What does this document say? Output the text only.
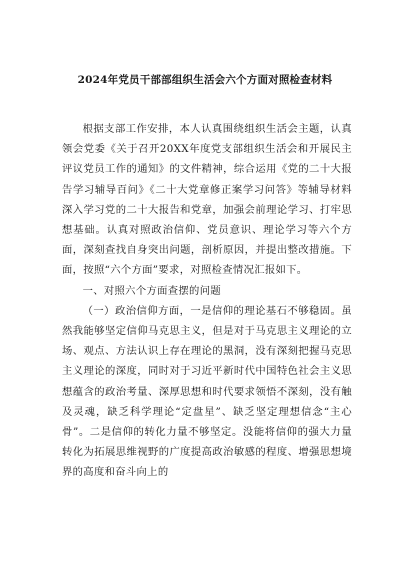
2024年党员干部部组织生活会六个方面对照检查材料

根据支部工作安排，本人认真围绕组织生活会主题，认真领会党委《关于召开20XX年度党支部组织生活会和开展民主评议党员工作的通知》的文件精神，综合运用《党的二十大报告学习辅导百问》《二十大党章修正案学习问答》等辅导材料深入学习党的二十大报告和党章，加强会前理论学习、打牢思想基础。认真对照政治信仰、党员意识、理论学习等六个方面，深刻查找自身突出问题，剖析原因，并提出整改措施。下面，按照“六个方面”要求，对照检查情况汇报如下。

一、对照六个方面查摆的问题

（一）政治信仰方面，一是信仰的理论基石不够稳固。虽然我能够坚定信仰马克思主义，但是对于马克思主义理论的立场、观点、方法认识上存在理论的黑洞，没有深刻把握马克思主义理论的深度，同时对于习近平新时代中国特色社会主义思想蕴含的政治考量、深厚思想和时代要求领悟不深刻，没有触及灵魂，缺乏科学理论“定盘星”、缺乏坚定理想信念“主心骨”。二是信仰的转化力量不够坚定。没能将信仰的强大力量转化为拓展思维视野的广度提高政治敏感的程度、增强思想境界的高度和奋斗向上的
